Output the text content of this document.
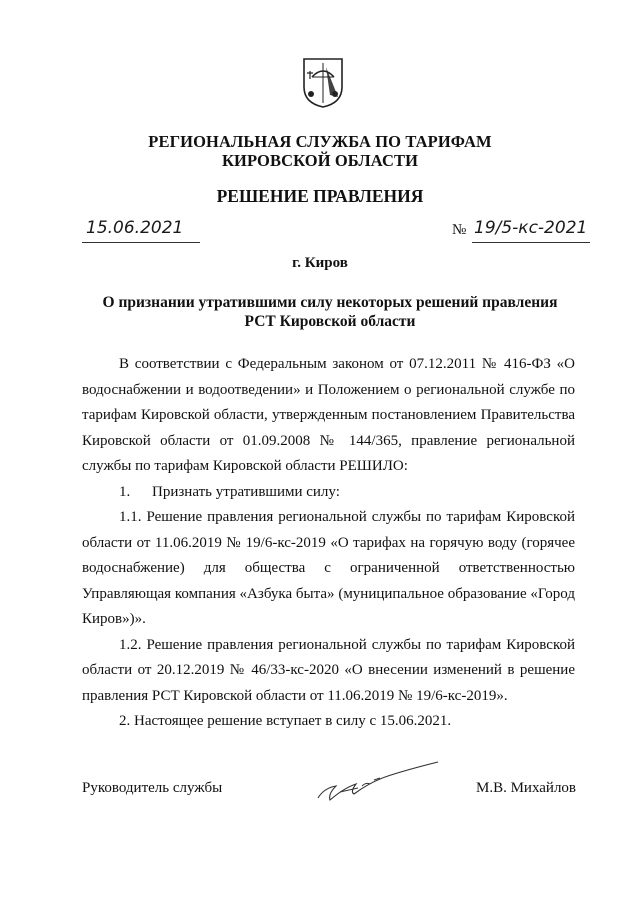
РЕГИОНАЛЬНАЯ СЛУЖБА ПО ТАРИФАМ
КИРОВСКОЙ ОБЛАСТИ
РЕШЕНИЕ ПРАВЛЕНИЯ
15.06.2021	№ 19/5-кс-2021
г. Киров
О признании утратившими силу некоторых решений правления
РСТ Кировской области

В соответствии с Федеральным законом от 07.12.2011 № 416-ФЗ «О водоснабжении и водоотведении» и Положением о региональной службе по тарифам Кировской области, утвержденным постановлением Правительства Кировской области от 01.09.2008 № 144/365, правление региональной службы по тарифам Кировской области РЕШИЛО:

1. Признать утратившими силу:

1.1. Решение правления региональной службы по тарифам Кировской области от 11.06.2019 № 19/6-кс-2019 «О тарифах на горячую воду (горячее водоснабжение) для общества с ограниченной ответственностью Управляющая компания «Азбука быта» (муниципальное образование «Город Киров»)».

1.2. Решение правления региональной службы по тарифам Кировской области от 20.12.2019 № 46/33-кс-2020 «О внесении изменений в решение правления РСТ Кировской области от 11.06.2019 № 19/6-кс-2019».

2. Настоящее решение вступает в силу с 15.06.2021.

Руководитель службы	М.В. Михайлов
